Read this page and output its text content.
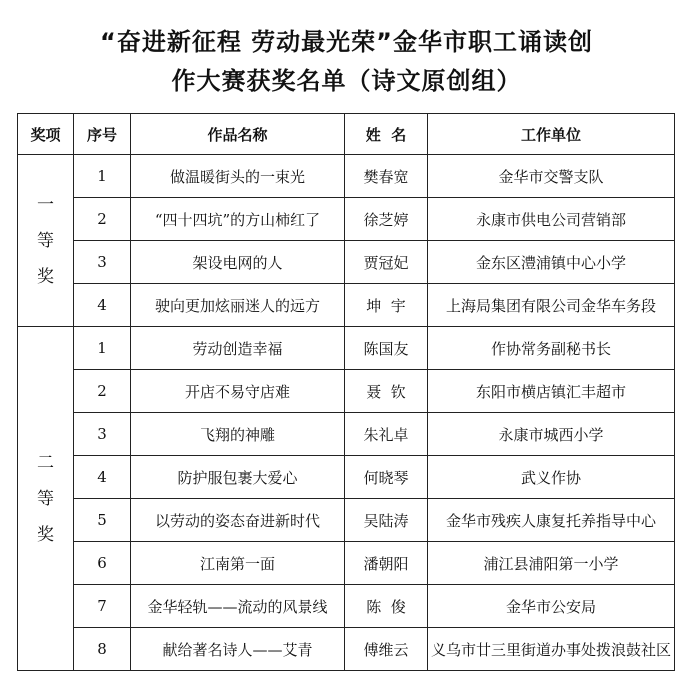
“奋进新征程 劳动最光荣”金华市职工诵读创
作大赛获奖名单（诗文原创组）
奖项	序号	作品名称	姓  名	工作单位

一
等
奖	1	做温暖街头的一束光	樊春宽	金华市交警支队
	2	“四十四坑”的方山柿红了	徐芝婷	永康市供电公司营销部
	3	架设电网的人	贾冠妃	金东区澧浦镇中心小学
	4	驶向更加炫丽迷人的远方	坤  宇	上海局集团有限公司金华车务段

二
等
奖	1	劳动创造幸福	陈国友	作协常务副秘书长
	2	开店不易守店难	聂  钦	东阳市横店镇汇丰超市
	3	飞翔的神雕	朱礼卓	永康市城西小学
	4	防护服包裹大爱心	何晓琴	武义作协
	5	以劳动的姿态奋进新时代	吴陆涛	金华市残疾人康复托养指导中心
	6	江南第一面	潘朝阳	浦江县浦阳第一小学
	7	金华轻轨——流动的风景线	陈  俊	金华市公安局
	8	献给著名诗人——艾青	傅维云	义乌市廿三里街道办事处拨浪鼓社区
